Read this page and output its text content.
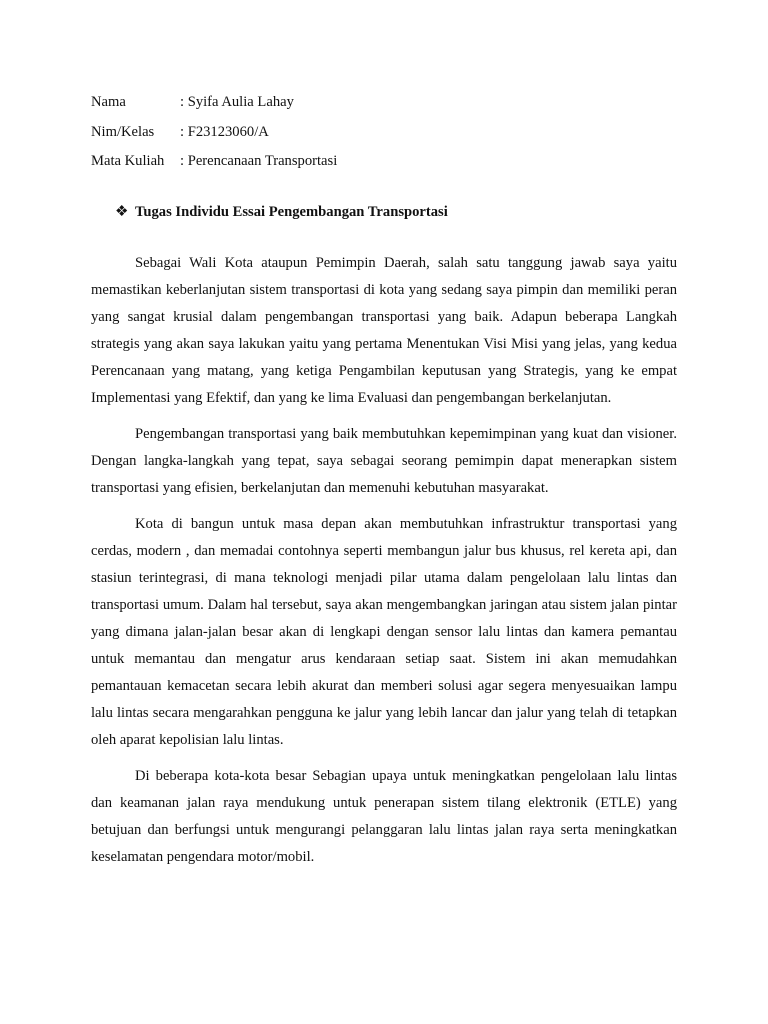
Nama	: Syifa Aulia Lahay
Nim/Kelas	: F23123060/A
Mata Kuliah	: Perencanaan Transportasi
❖ Tugas Individu Essai Pengembangan Transportasi

Sebagai Wali Kota ataupun Pemimpin Daerah, salah satu tanggung jawab saya yaitu memastikan keberlanjutan sistem transportasi di kota yang sedang saya pimpin dan memiliki peran yang sangat krusial dalam pengembangan transportasi yang baik. Adapun beberapa Langkah strategis yang akan saya lakukan yaitu yang pertama Menentukan Visi Misi yang jelas, yang kedua Perencanaan yang matang, yang ketiga Pengambilan keputusan yang Strategis, yang ke empat Implementasi yang Efektif, dan yang ke lima Evaluasi dan pengembangan berkelanjutan.

Pengembangan transportasi yang baik membutuhkan kepemimpinan yang kuat dan visioner. Dengan langka-langkah yang tepat, saya sebagai seorang pemimpin dapat menerapkan sistem transportasi yang efisien, berkelanjutan dan memenuhi kebutuhan masyarakat.

Kota di bangun untuk masa depan akan membutuhkan infrastruktur transportasi yang cerdas, modern , dan memadai contohnya seperti membangun jalur bus khusus, rel kereta api, dan stasiun terintegrasi, di mana teknologi menjadi pilar utama dalam pengelolaan lalu lintas dan transportasi umum. Dalam hal tersebut, saya akan mengembangkan jaringan atau sistem jalan pintar yang dimana jalan-jalan besar akan di lengkapi dengan sensor lalu lintas dan kamera pemantau untuk memantau dan mengatur arus kendaraan setiap saat. Sistem ini akan memudahkan pemantauan kemacetan secara lebih akurat dan memberi solusi agar segera menyesuaikan lampu lalu lintas secara mengarahkan pengguna ke jalur yang lebih lancar dan jalur yang telah di tetapkan oleh aparat kepolisian lalu lintas.

Di beberapa kota-kota besar Sebagian upaya untuk meningkatkan pengelolaan lalu lintas dan keamanan jalan raya mendukung untuk penerapan sistem tilang elektronik (ETLE) yang betujuan dan berfungsi untuk mengurangi pelanggaran lalu lintas jalan raya serta meningkatkan keselamatan pengendara motor/mobil.
